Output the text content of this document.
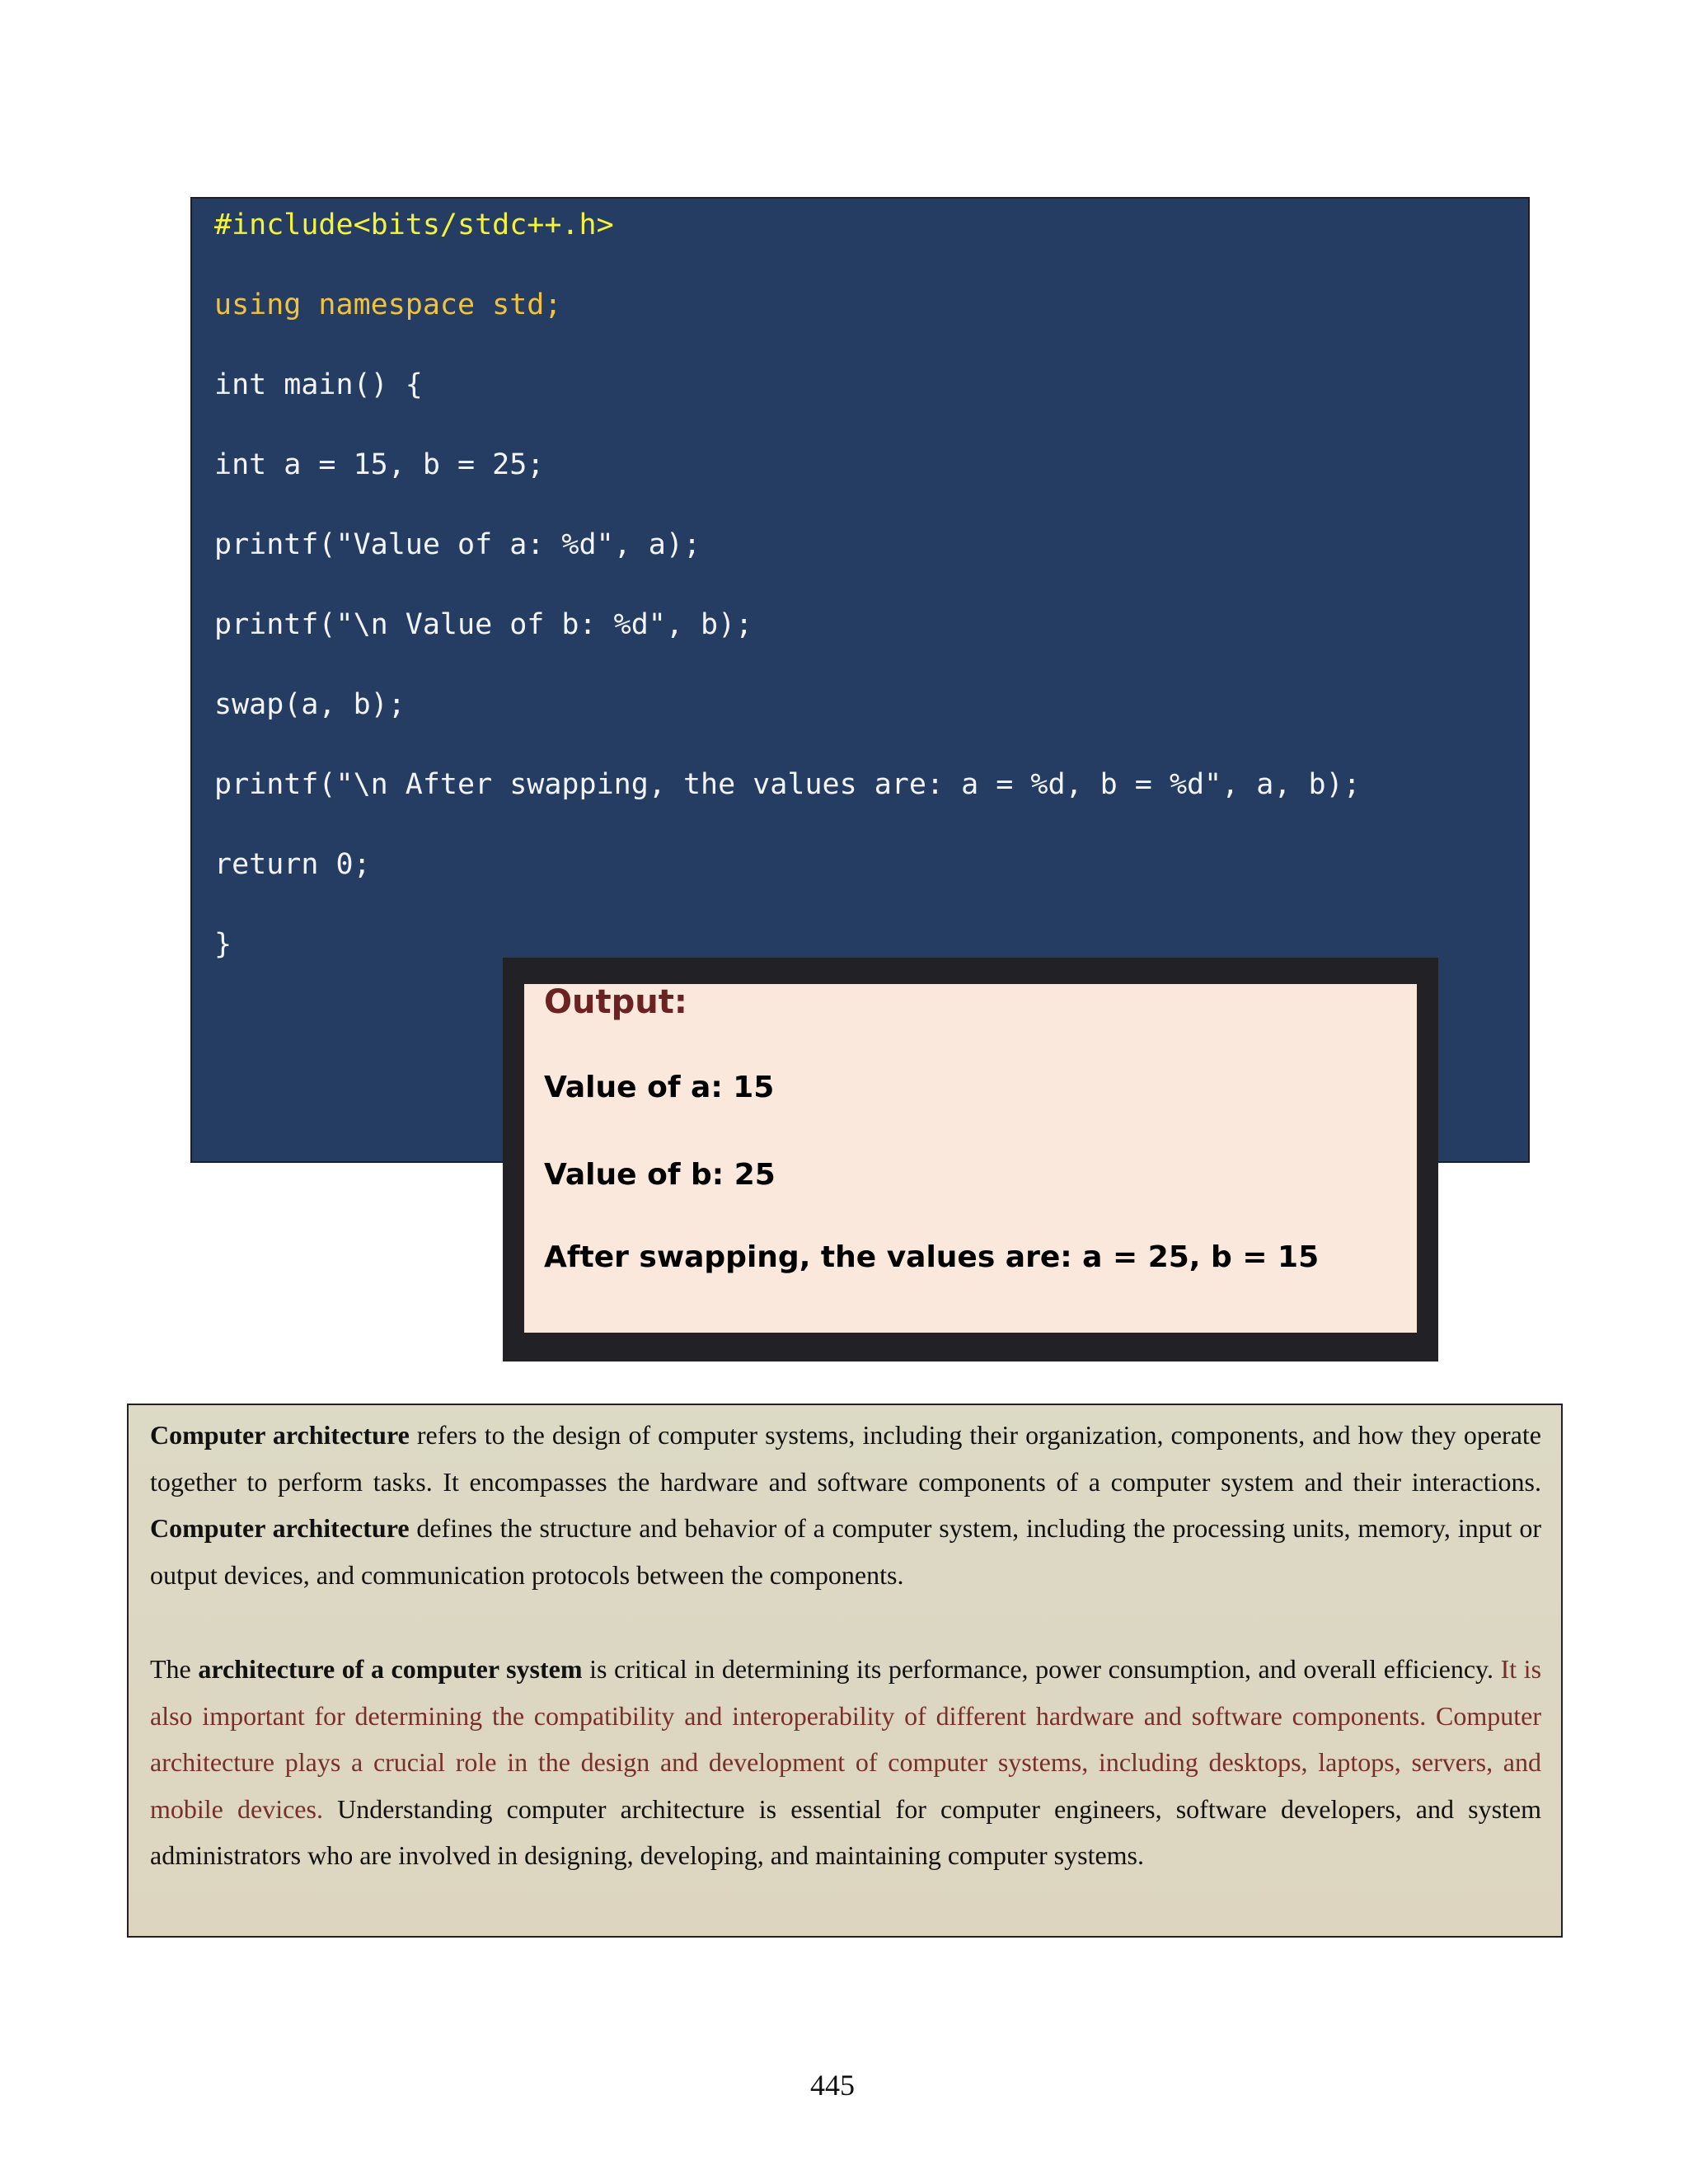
#include<bits/stdc++.h>
using namespace std;
int main() {
int a = 15, b = 25;
printf("Value of a: %d", a);
printf("\n Value of b: %d", b);
swap(a, b);
printf("\n After swapping, the values are: a = %d, b = %d", a, b);
return 0;
}
Output:
Value of a: 15
Value of b: 25
After swapping, the values are: a = 25, b = 15
Computer architecture refers to the design of computer systems, including their organization, components, and how they operate together to perform tasks. It encompasses the hardware and software components of a computer system and their interactions. Computer architecture defines the structure and behavior of a computer system, including the processing units, memory, input or output devices, and communication protocols between the components.
The architecture of a computer system is critical in determining its performance, power consumption, and overall efficiency. It is also important for determining the compatibility and interoperability of different hardware and software components. Computer architecture plays a crucial role in the design and development of computer systems, including desktops, laptops, servers, and mobile devices. Understanding computer architecture is essential for computer engineers, software developers, and system administrators who are involved in designing, developing, and maintaining computer systems.
445
